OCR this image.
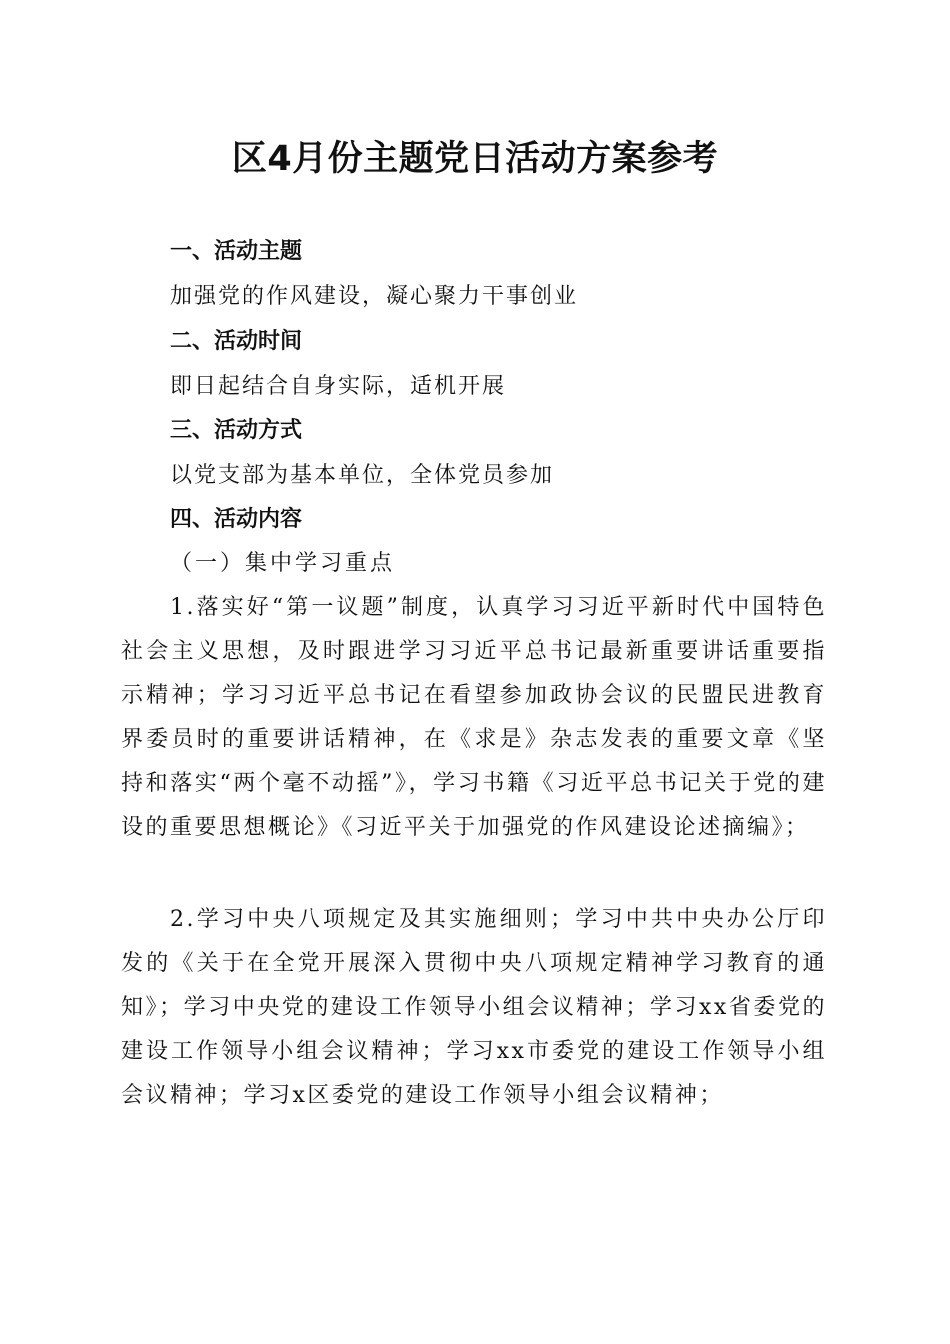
区4月份主题党日活动方案参考
一、活动主题
加强党的作风建设，凝心聚力干事创业
二、活动时间
即日起结合自身实际，适机开展
三、活动方式
以党支部为基本单位，全体党员参加
四、活动内容
（一）集中学习重点

1.落实好“第一议题”制度，认真学习习近平新时代中国特色社会主义思想，及时跟进学习习近平总书记最新重要讲话重要指示精神；学习习近平总书记在看望参加政协会议的民盟民进教育界委员时的重要讲话精神，在《求是》杂志发表的重要文章《坚持和落实“两个毫不动摇”》，学习书籍《习近平总书记关于党的建设的重要思想概论》《习近平关于加强党的作风建设论述摘编》；

2.学习中央八项规定及其实施细则；学习中共中央办公厅印发的《关于在全党开展深入贯彻中央八项规定精神学习教育的通知》；学习中央党的建设工作领导小组会议精神；学习xx省委党的建设工作领导小组会议精神；学习xx市委党的建设工作领导小组会议精神；学习x区委党的建设工作领导小组会议精神；
